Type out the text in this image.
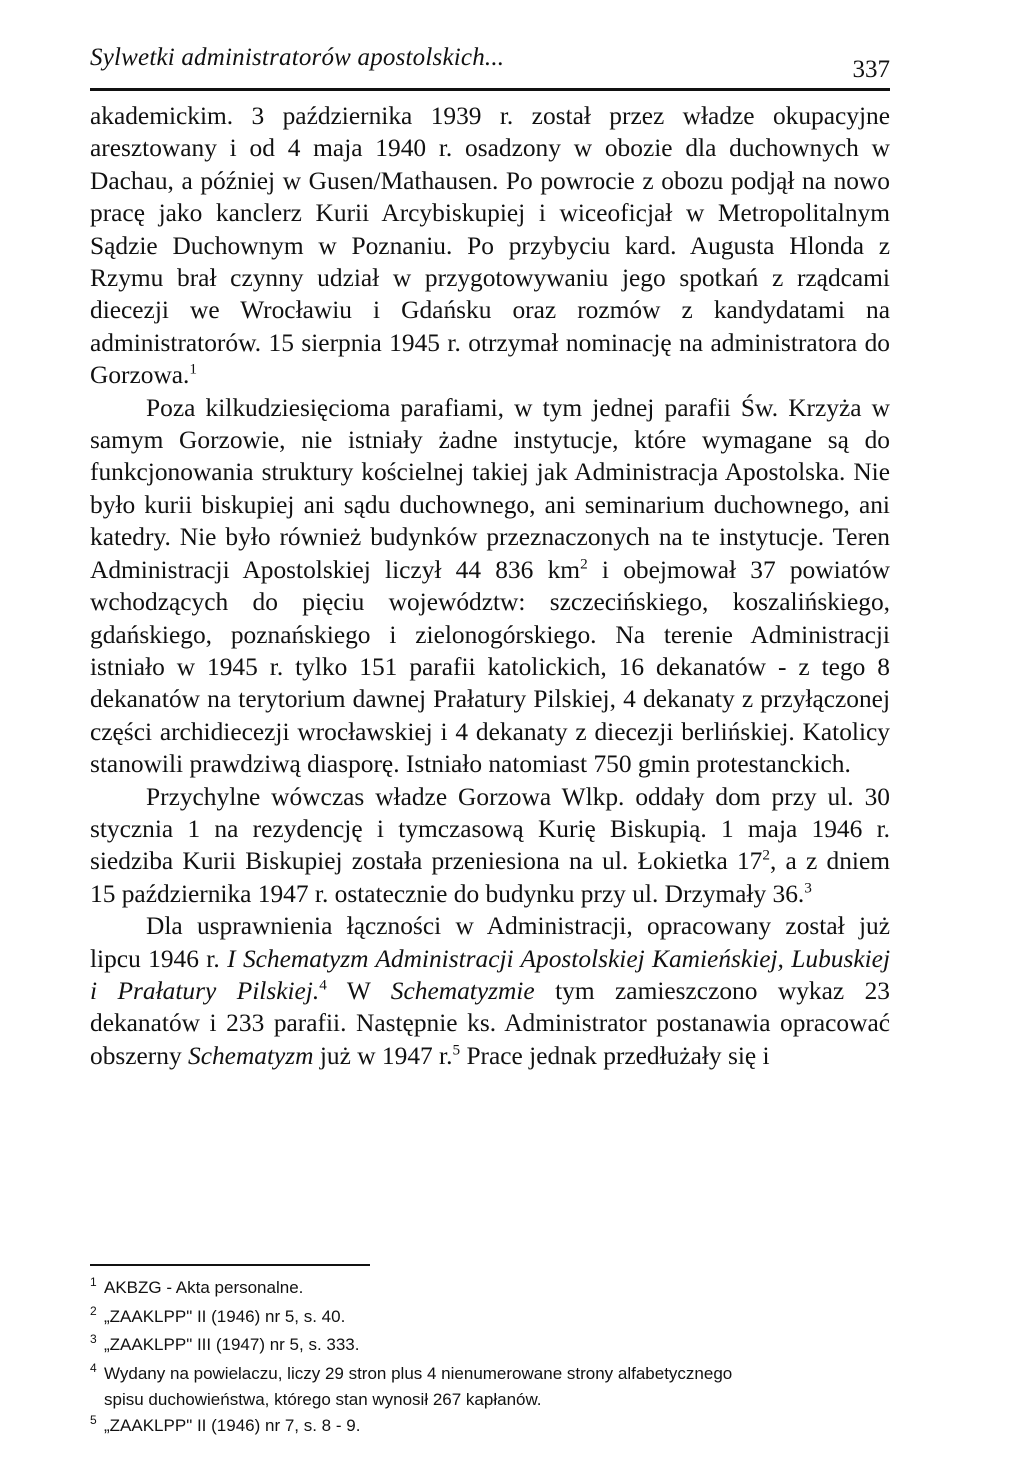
Sylwetki administratorów apostolskich...	337

akademickim. 3 października 1939 r. został przez władze okupacyjne aresztowany i od 4 maja 1940 r. osadzony w obozie dla duchownych w Dachau, a później w Gusen/Mathausen. Po powrocie z obozu podjął na nowo pracę jako kanclerz Kurii Arcybiskupiej i wiceoficjał w Metropolitalnym Sądzie Duchownym w Poznaniu. Po przybyciu kard. Augusta Hlonda z Rzymu brał czynny udział w przygotowywaniu jego spotkań z rządcami diecezji we Wrocławiu i Gdańsku oraz rozmów z kandydatami na administratorów. 15 sierpnia 1945 r. otrzymał nominację na administratora do Gorzowa.$^1$

Poza kilkudziesięcioma parafiami, w tym jednej parafii Św. Krzyża w samym Gorzowie, nie istniały żadne instytucje, które wymagane są do funkcjonowania struktury kościelnej takiej jak Administracja Apostolska. Nie było kurii biskupiej ani sądu duchownego, ani seminarium duchownego, ani katedry. Nie było również budynków przeznaczonych na te instytucje. Teren Administracji Apostolskiej liczył 44 836 $km^2$ i obejmował 37 powiatów wchodzących do pięciu województw: szczecińskiego, koszalińskiego, gdańskiego, poznańskiego i zielonogórskiego. Na terenie Administracji istniało w 1945 r. tylko 151 parafii katolickich, 16 dekanatów - z tego 8 dekanatów na terytorium dawnej Prałatury Pilskiej, 4 dekanaty z przyłączonej części archidiecezji wrocławskiej i 4 dekanaty z diecezji berlińskiej. Katolicy stanowili prawdziwą diasporę. Istniało natomiast 750 gmin protestanckich.

Przychylne wówczas władze Gorzowa Wlkp. oddały dom przy ul. 30 stycznia 1 na rezydencję i tymczasową Kurię Biskupią. 1 maja 1946 r. siedziba Kurii Biskupiej została przeniesiona na ul. Łokietka $17^2$, a z dniem 15 października 1947 r. ostatecznie do budynku przy ul. Drzymały 36.$^3$

Dla usprawnienia łączności w Administracji, opracowany został już lipcu 1946 r. I Schematyzm Administracji Apostolskiej Kamieńskiej, Lubuskiej i Prałatury Pilskiej.$^4$ W Schematyzmie tym zamieszczono wykaz 23 dekanatów i 233 parafii. Następnie ks. Administrator postanawia opracować obszerny Schematyzm już w 1947 r.$^5$ Prace jednak przedłużały się i

1 AKBZG - Akta personalne.

2 „ZAAKLPP" II (1946) nr 5, s. 40.

3 „ZAAKLPP" III (1947) nr 5, s. 333.

4 Wydany na powielaczu, liczy 29 stron plus 4 nienumerowane strony alfabetycznego

spisu duchowieństwa, którego stan wynosił 267 kapłanów.

5 „ZAAKLPP" II (1946) nr 7, s. 8 - 9.
